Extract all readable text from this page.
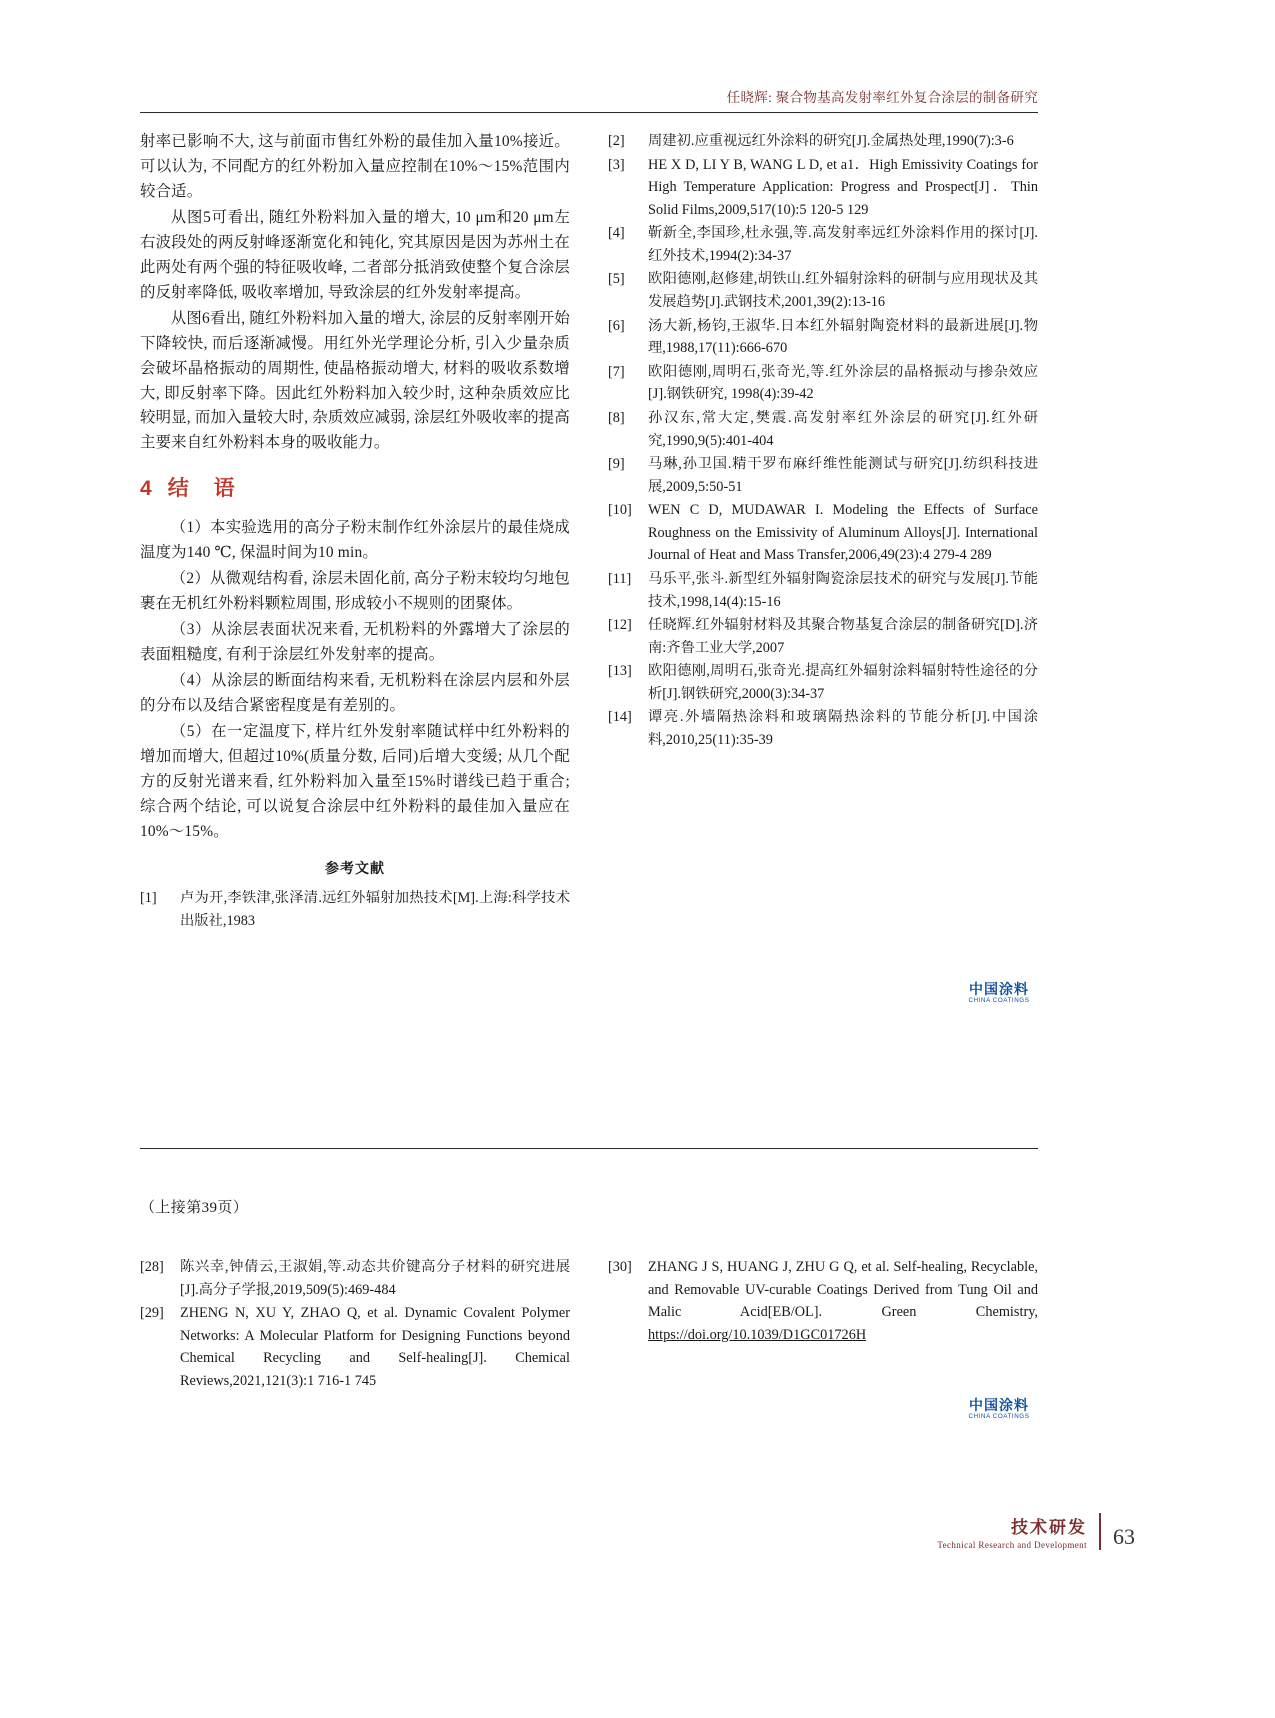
任晓辉: 聚合物基高发射率红外复合涂层的制备研究

射率已影响不大, 这与前面市售红外粉的最佳加入量10%接近。可以认为, 不同配方的红外粉加入量应控制在10%～15%范围内较合适。

从图5可看出, 随红外粉料加入量的增大, 10 μm和20 μm左右波段处的两反射峰逐渐宽化和钝化, 究其原因是因为苏州土在此两处有两个强的特征吸收峰, 二者部分抵消致使整个复合涂层的反射率降低, 吸收率增加, 导致涂层的红外发射率提高。

从图6看出, 随红外粉料加入量的增大, 涂层的反射率刚开始下降较快, 而后逐渐减慢。用红外光学理论分析, 引入少量杂质会破坏晶格振动的周期性, 使晶格振动增大, 材料的吸收系数增大, 即反射率下降。因此红外粉料加入较少时, 这种杂质效应比较明显, 而加入量较大时, 杂质效应减弱, 涂层红外吸收率的提高主要来自红外粉料本身的吸收能力。

4 结　语

（1）本实验选用的高分子粉末制作红外涂层片的最佳烧成温度为140 ℃, 保温时间为10 min。

（2）从微观结构看, 涂层未固化前, 高分子粉末较均匀地包裹在无机红外粉料颗粒周围, 形成较小不规则的团聚体。

（3）从涂层表面状况来看, 无机粉料的外露增大了涂层的表面粗糙度, 有利于涂层红外发射率的提高。

（4）从涂层的断面结构来看, 无机粉料在涂层内层和外层的分布以及结合紧密程度是有差别的。

（5）在一定温度下, 样片红外发射率随试样中红外粉料的增加而增大, 但超过10%(质量分数, 后同)后增大变缓; 从几个配方的反射光谱来看, 红外粉料加入量至15%时谱线已趋于重合; 综合两个结论, 可以说复合涂层中红外粉料的最佳加入量应在10%～15%。

参考文献
[1]	卢为开,李铁津,张泽清.远红外辐射加热技术[M].上海:科学技术出版社,1983
[2]	周建初.应重视远红外涂料的研究[J].金属热处理,1990(7):3-6
[3]	HE X D, LI Y B, WANG L D, et a1．High Emissivity Coatings for High Temperature Application: Progress and Prospect[J]．Thin Solid Films,2009,517(10):5 120-5 129
[4]	靳新全,李国珍,杜永强,等.高发射率远红外涂料作用的探讨[J].红外技术,1994(2):34-37
[5]	欧阳德刚,赵修建,胡铁山.红外辐射涂料的研制与应用现状及其发展趋势[J].武钢技术,2001,39(2):13-16
[6]	汤大新,杨钧,王淑华.日本红外辐射陶瓷材料的最新进展[J].物理,1988,17(11):666-670
[7]	欧阳德刚,周明石,张奇光,等.红外涂层的晶格振动与掺杂效应[J].钢铁研究, 1998(4):39-42
[8]	孙汉东,常大定,樊震.高发射率红外涂层的研究[J].红外研究,1990,9(5):401-404
[9]	马琳,孙卫国.精干罗布麻纤维性能测试与研究[J].纺织科技进展,2009,5:50-51
[10]	WEN C D, MUDAWAR I. Modeling the Effects of Surface Roughness on the Emissivity of Aluminum Alloys[J]. International Journal of Heat and Mass Transfer,2006,49(23):4 279-4 289
[11]	马乐平,张斗.新型红外辐射陶瓷涂层技术的研究与发展[J].节能技术,1998,14(4):15-16
[12]	任晓辉.红外辐射材料及其聚合物基复合涂层的制备研究[D].济南:齐鲁工业大学,2007
[13]	欧阳德刚,周明石,张奇光.提高红外辐射涂料辐射特性途径的分析[J].钢铁研究,2000(3):34-37
[14]	谭亮.外墙隔热涂料和玻璃隔热涂料的节能分析[J].中国涂料,2010,25(11):35-39
中国涂料
CHINA COATINGS
（上接第39页）
[28]	陈兴幸,钟倩云,王淑娟,等.动态共价键高分子材料的研究进展[J].高分子学报,2019,509(5):469-484
[29]	ZHENG N, XU Y, ZHAO Q, et al. Dynamic Covalent Polymer Networks: A Molecular Platform for Designing Functions beyond Chemical Recycling and Self-healing[J]. Chemical Reviews,2021,121(3):1 716-1 745
[30]	ZHANG J S, HUANG J, ZHU G Q, et al. Self-healing, Recyclable, and Removable UV-curable Coatings Derived from Tung Oil and Malic Acid[EB/OL]. Green Chemistry, https://doi.org/10.1039/D1GC01726H
中国涂料
CHINA COATINGS
技术研发
Technical Research and Development	63
